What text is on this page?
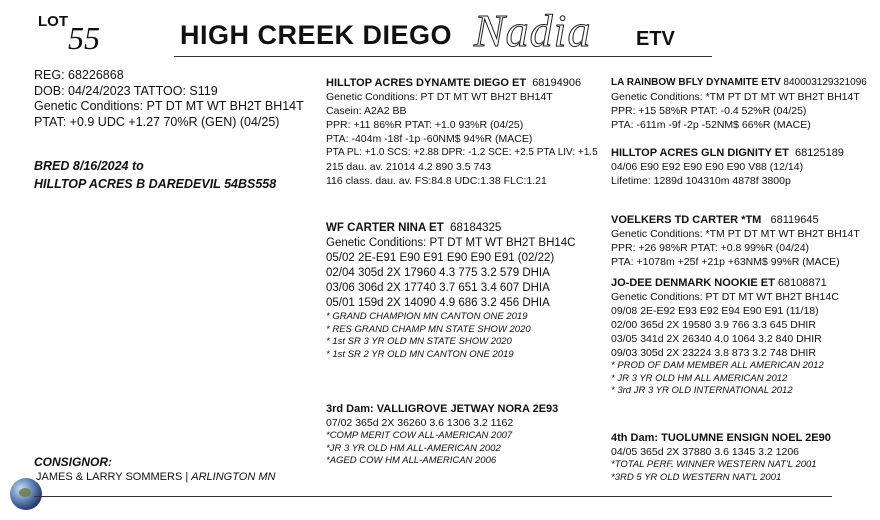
LOT 55	HIGH CREEK DIEGO Nadia ETV
REG: 68226868
DOB: 04/24/2023 TATTOO: S119
Genetic Conditions: PT DT MT WT BH2T BH14T
PTAT: +0.9 UDC +1.27 70%R (GEN) (04/25)
BRED 8/16/2024 to
HILLTOP ACRES B DAREDEVIL 54BS558
HILLTOP ACRES DYNAMTE DIEGO ET 68194906
Genetic Conditions: PT DT MT WT BH2T BH14T
Casein: A2A2 BB
PPR: +11 86%R PTAT: +1.0 93%R (04/25)
PTA: -404m -18f -1p -60NM$ 94%R (MACE)
PTA PL: +1.0 SCS: +2.88 DPR: -1.2 SCE: +2.5 PTA LIV: +1.5
215 dau. av. 21014 4.2 890 3.5 743
116 class. dau. av. FS:84.8 UDC:1.38 FLC:1.21
WF CARTER NINA ET 68184325
Genetic Conditions: PT DT MT WT BH2T BH14C
05/02 2E-E91 E90 E91 E90 E90 E91 (02/22)
02/04 305d 2X 17960 4.3 775 3.2 579 DHIA
03/06 306d 2X 17740 3.7 651 3.4 607 DHIA
05/01 159d 2X 14090 4.9 686 3.2 456 DHIA
* GRAND CHAMPION MN CANTON ONE 2019
* RES GRAND CHAMP MN STATE SHOW 2020
* 1st SR 3 YR OLD MN STATE SHOW 2020
* 1st SR 2 YR OLD MN CANTON ONE 2019
3rd Dam: VALLIGROVE JETWAY NORA 2E93
07/02 365d 2X 36260 3.6 1306 3.2 1162
*COMP MERIT COW ALL-AMERICAN 2007
*JR 3 YR OLD HM ALL-AMERICAN 2002
*AGED COW HM ALL-AMERICAN 2006
LA RAINBOW BFLY DYNAMITE ETV 840003129321096
Genetic Conditions: *TM PT DT MT WT BH2T BH14T
PPR: +15 58%R PTAT: -0.4 52%R (04/25)
PTA: -611m -9f -2p -52NM$ 66%R (MACE)
HILLTOP ACRES GLN DIGNITY ET 68125189
04/06 E90 E92 E90 E90 E90 V88 (12/14)
Lifetime: 1289d 104310m 4878f 3800p
VOELKERS TD CARTER *TM 68119645
Genetic Conditions: *TM PT DT MT WT BH2T BH14T
PPR: +26 98%R PTAT: +0.8 99%R (04/24)
PTA: +1078m +25f +21p +63NM$ 99%R (MACE)
JO-DEE DENMARK NOOKIE ET 68108871
Genetic Conditions: PT DT MT WT BH2T BH14C
09/08 2E-E92 E93 E92 E94 E90 E91 (11/18)
02/00 365d 2X 19580 3.9 766 3.3 645 DHIR
03/05 341d 2X 26340 4.0 1064 3.2 840 DHIR
09/03 305d 2X 23224 3.8 873 3.2 748 DHIR
* PROD OF DAM MEMBER ALL AMERICAN 2012
* JR 3 YR OLD HM ALL AMERICAN 2012
* 3rd JR 3 YR OLD INTERNATIONAL 2012
4th Dam: TUOLUMNE ENSIGN NOEL 2E90
04/05 365d 2X 37880 3.6 1345 3.2 1206
*TOTAL PERF. WINNER WESTERN NAT'L 2001
*3RD 5 YR OLD WESTERN NAT'L 2001
CONSIGNOR:
JAMES & LARRY SOMMERS | ARLINGTON MN
